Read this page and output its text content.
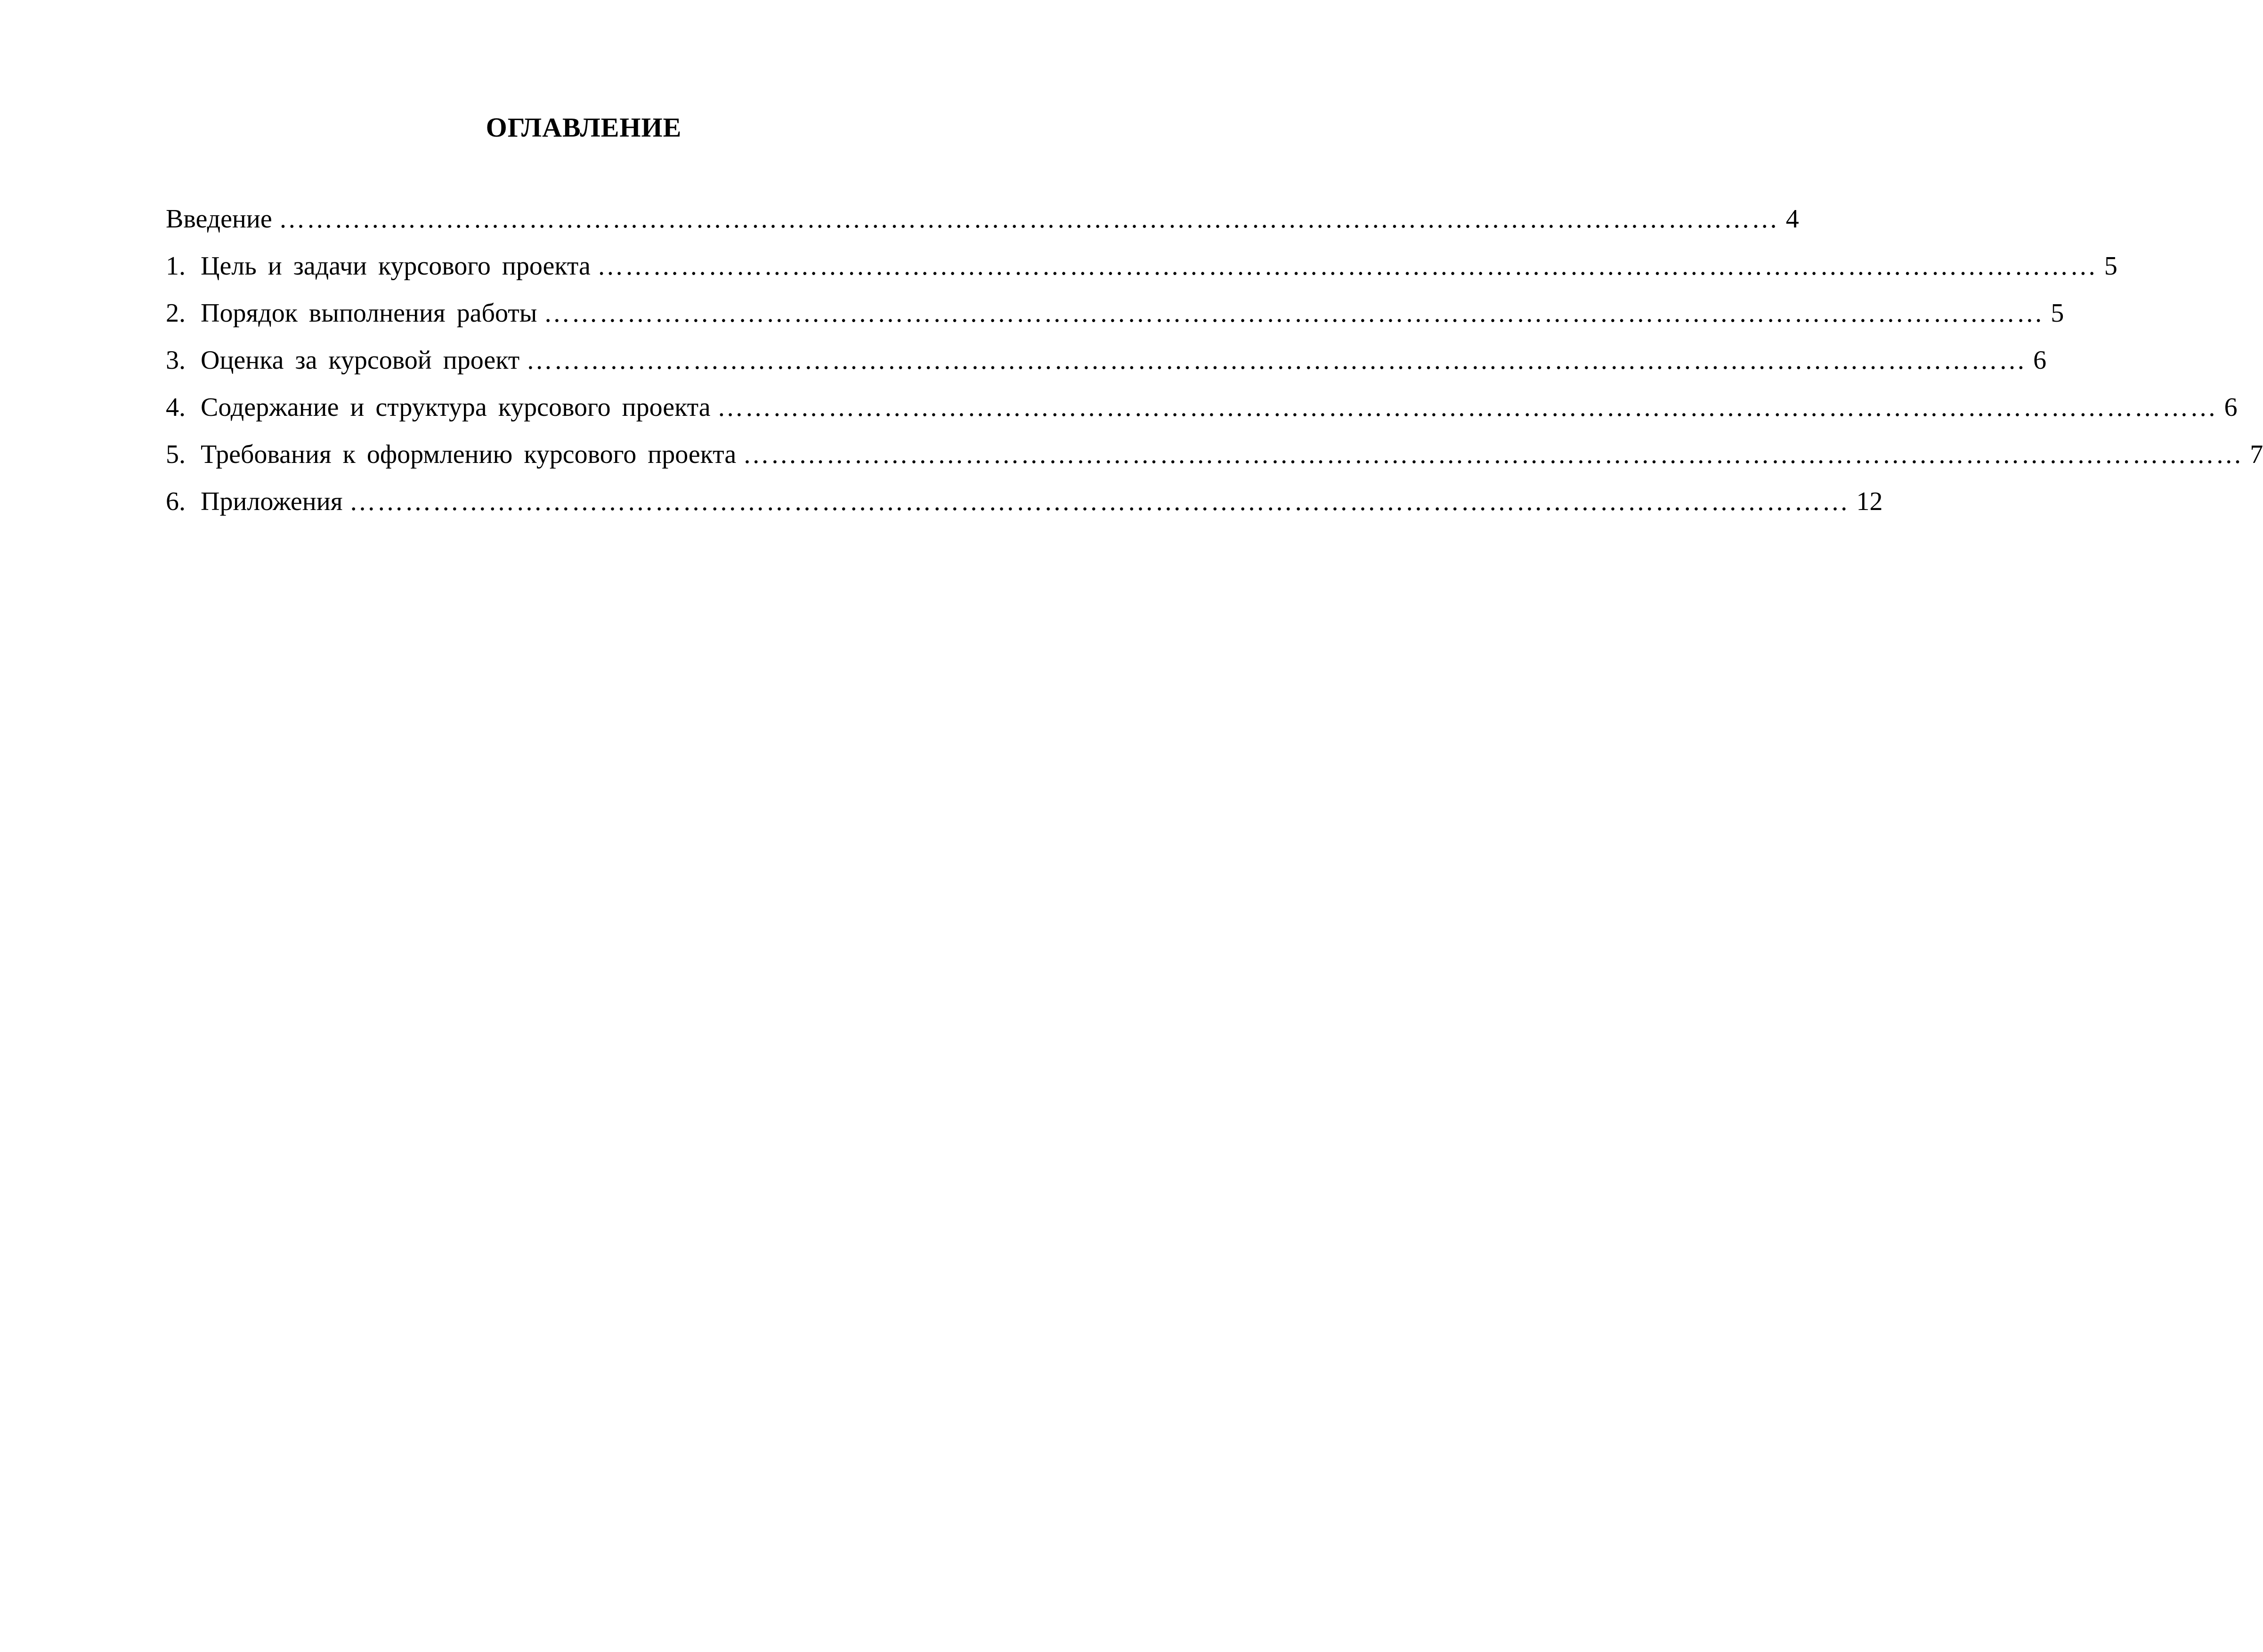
ОГЛАВЛЕНИЕ
Введение ……………………………………………………………………………………………………………………………………………… 4
1. Цель и задачи курсового проекта ……………………………………………………………………………………………………………………………………………… 5
2. Порядок выполнения работы ……………………………………………………………………………………………………………………………………………… 5
3. Оценка за курсовой проект ……………………………………………………………………………………………………………………………………………… 6
4. Содержание и структура курсового проекта ……………………………………………………………………………………………………………………………………………… 6
5. Требования к оформлению курсового проекта ……………………………………………………………………………………………………………………………………………… 7
6. Приложения ……………………………………………………………………………………………………………………………………………… 12
